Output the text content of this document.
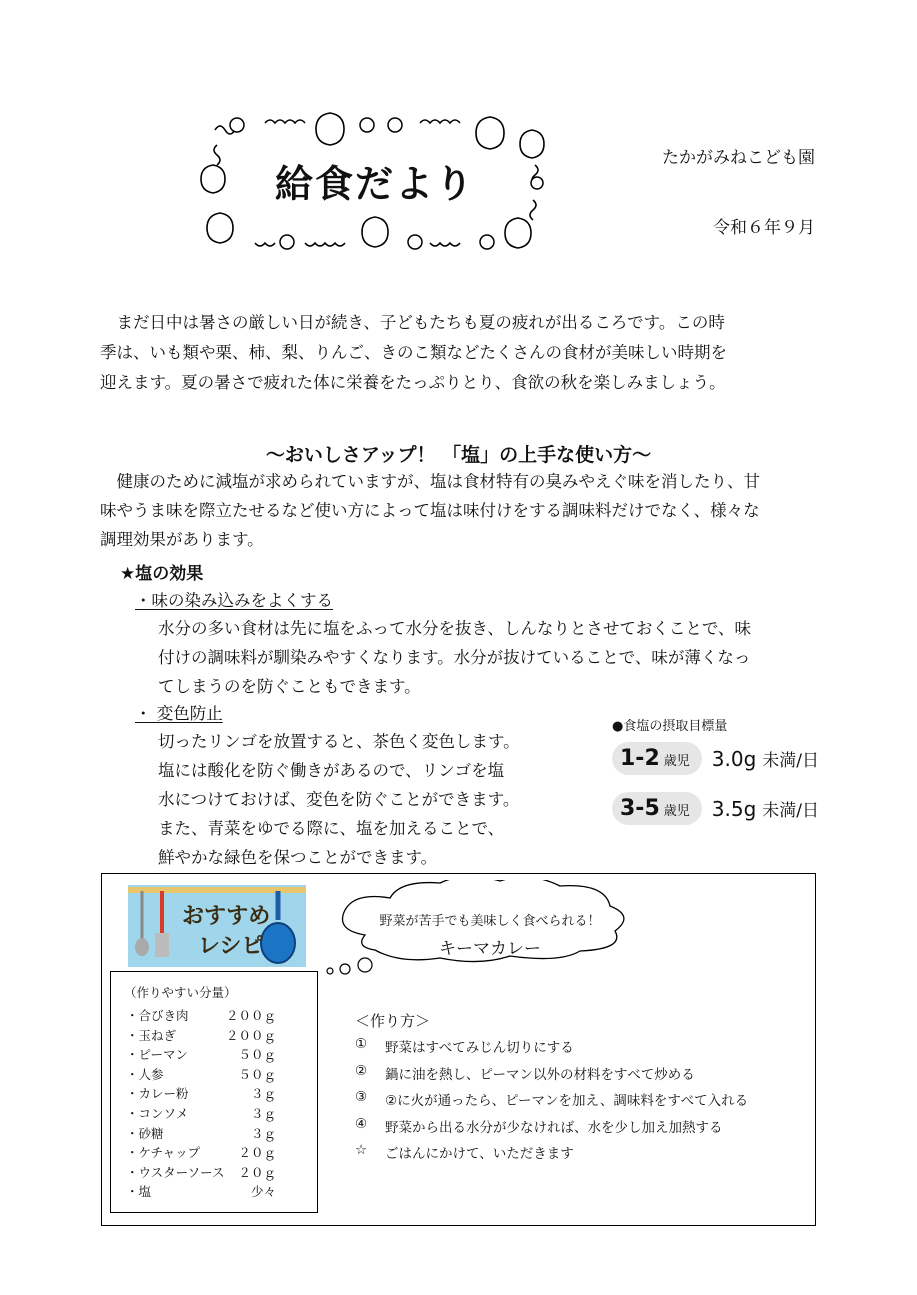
給食だより
たかがみねこども園
令和６年９月
　まだ日中は暑さの厳しい日が続き、子どもたちも夏の疲れが出るころです。この時
季は、いも類や栗、柿、梨、りんご、きのこ類などたくさんの食材が美味しい時期を
迎えます。夏の暑さで疲れた体に栄養をたっぷりとり、食欲の秋を楽しみましょう。
～おいしさアップ！ 「塩」の上手な使い方～
　健康のために減塩が求められていますが、塩は食材特有の臭みやえぐ味を消したり、甘
味やうま味を際立たせるなど使い方によって塩は味付けをする調味料だけでなく、様々な
調理効果があります。
★塩の効果
・味の染み込みをよくする
水分の多い食材は先に塩をふって水分を抜き、しんなりとさせておくことで、味
付けの調味料が馴染みやすくなります。水分が抜けていることで、味が薄くなっ
てしまうのを防ぐこともできます。
・ 変色防止
切ったリンゴを放置すると、茶色く変色します。
塩には酸化を防ぐ働きがあるので、リンゴを塩
水につけておけば、変色を防ぐことができます。
また、青菜をゆでる際に、塩を加えることで、
鮮やかな緑色を保つことができます。
●食塩の摂取目標量
1-2 歳児 3.0g 未満/日
3-5 歳児 3.5g 未満/日
おすすめ
レシピ
野菜が苦手でも美味しく食べられる！
キーマカレー
（作りやすい分量）
・合びき肉	２００ｇ
・玉ねぎ	２００ｇ
・ピーマン	５０ｇ
・人参	５０ｇ
・カレー粉	３ｇ
・コンソメ	３ｇ
・砂糖	３ｇ
・ケチャップ	２０ｇ
・ウスターソース ２０ｇ
・塩	少々
＜作り方＞
①	野菜はすべてみじん切りにする
②	鍋に油を熱し、ピーマン以外の材料をすべて炒める
③	②に火が通ったら、ピーマンを加え、調味料をすべて入れる
④	野菜から出る水分が少なければ、水を少し加え加熱する
☆	ごはんにかけて、いただきます
